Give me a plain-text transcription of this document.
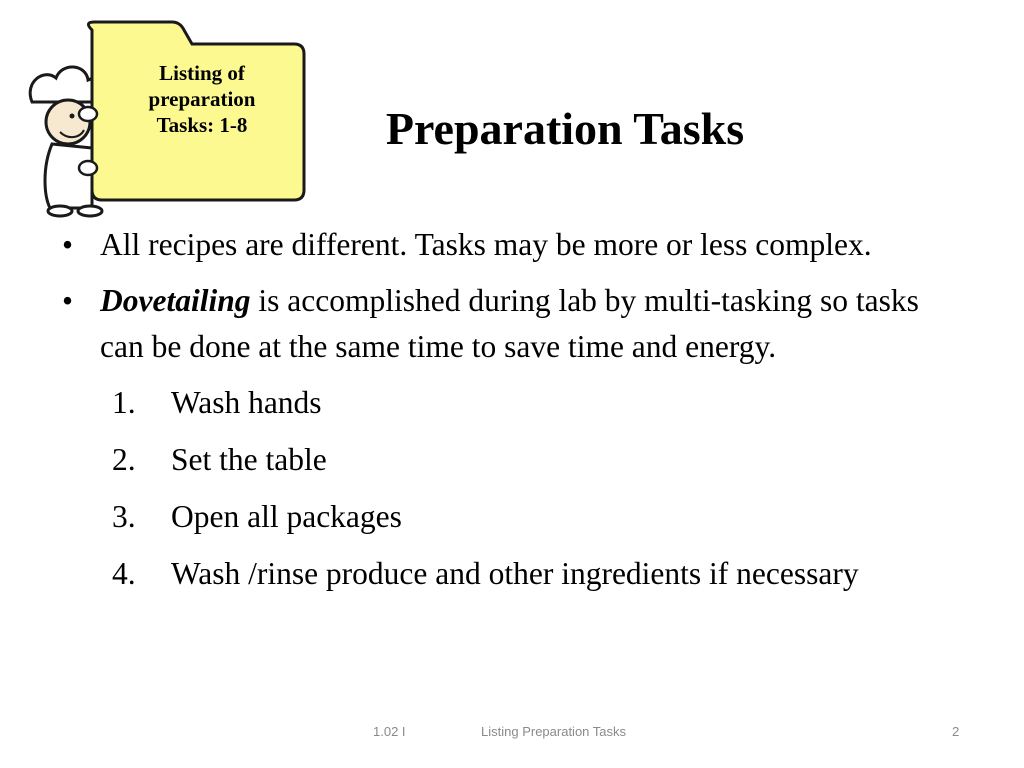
Listing of
preparation
Tasks: 1-8	Preparation Tasks
• All recipes are different. Tasks may be more or less complex.
• Dovetailing is accomplished during lab by multi-tasking so tasks can be done at the same time to save time and energy.
1. Wash hands
2. Set the table
3. Open all packages
4. Wash /rinse produce and other ingredients if necessary
1.02 I	Listing Preparation Tasks	2
